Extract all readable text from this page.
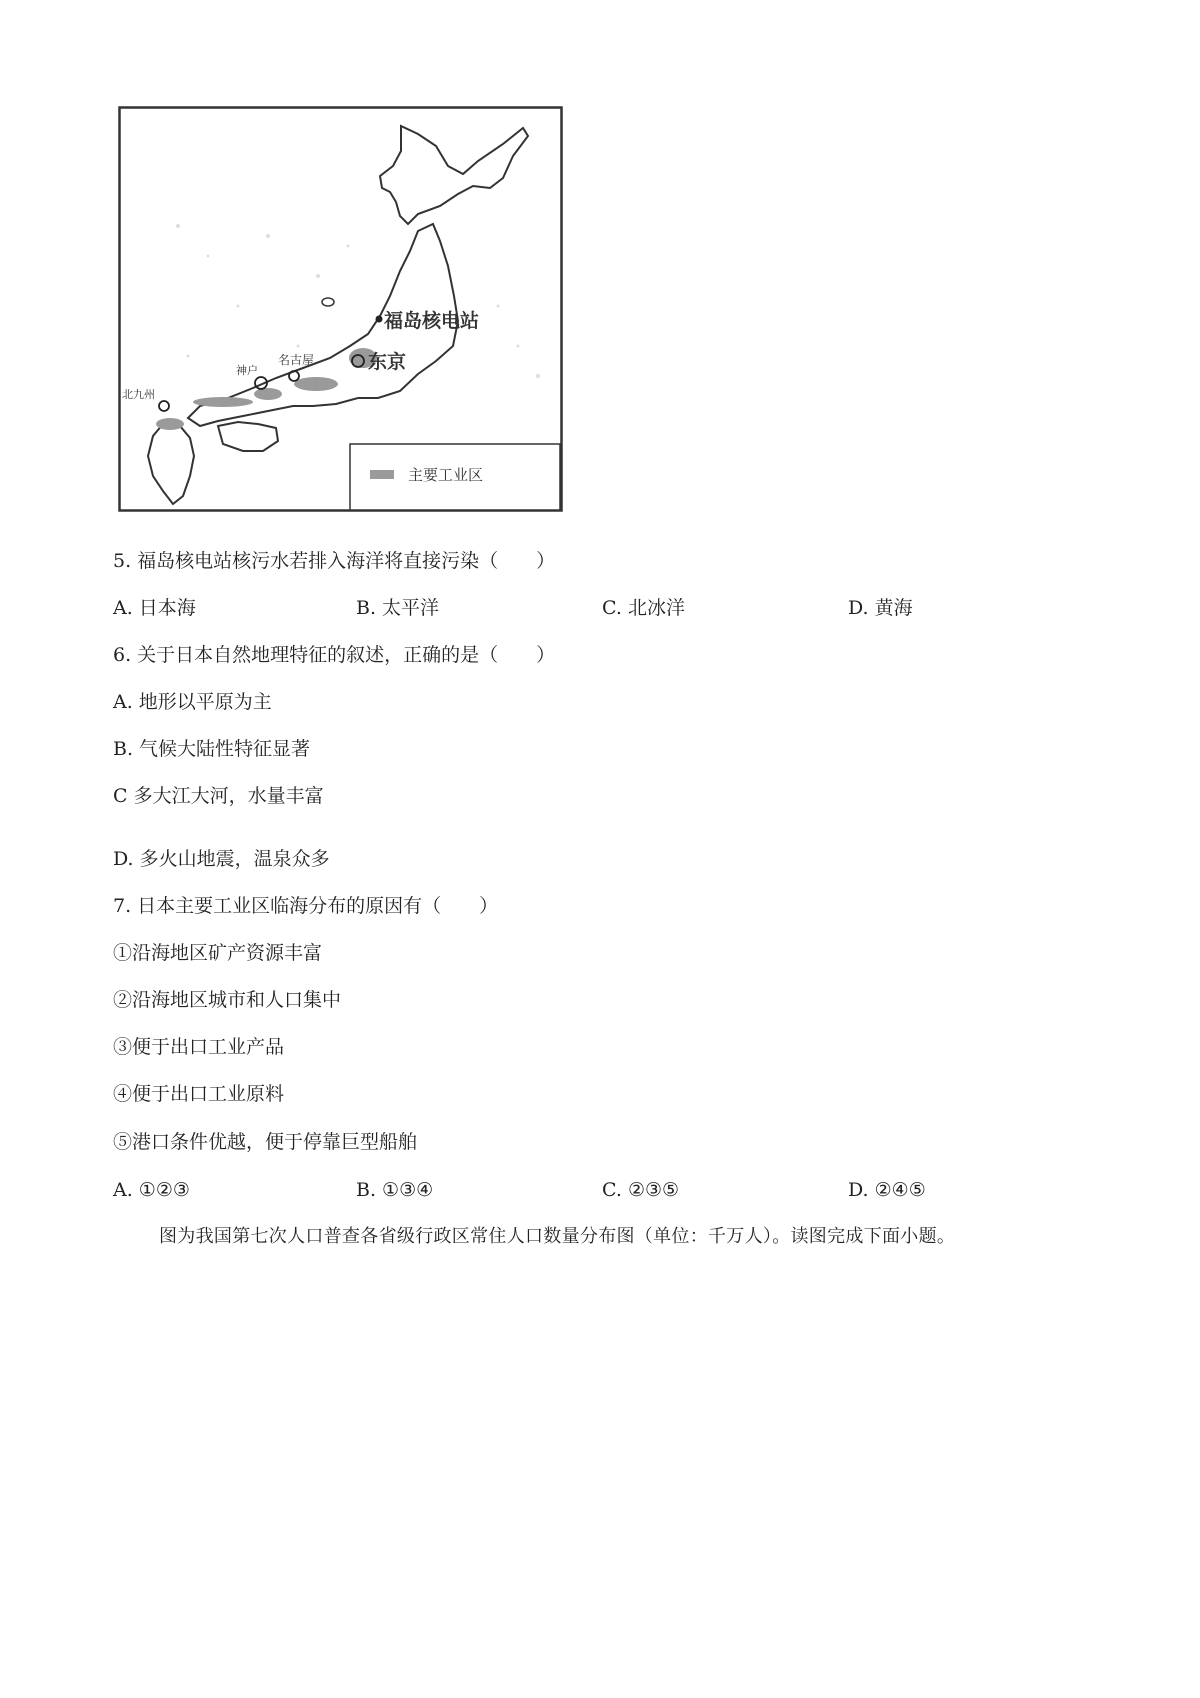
福岛核电站
东京
名古屋
神户
北九州
主要工业区
5. 福岛核电站核污水若排入海洋将直接污染（　　）
A. 日本海	B. 太平洋	C. 北冰洋	D. 黄海
6. 关于日本自然地理特征的叙述，正确的是（　　）
A. 地形以平原为主
B. 气候大陆性特征显著
C 多大江大河，水量丰富
D. 多火山地震，温泉众多
7. 日本主要工业区临海分布的原因有（　　）
①沿海地区矿产资源丰富
②沿海地区城市和人口集中
③便于出口工业产品
④便于出口工业原料
⑤港口条件优越，便于停靠巨型船舶
A. ①②③	B. ①③④	C. ②③⑤	D. ②④⑤
图为我国第七次人口普查各省级行政区常住人口数量分布图（单位：千万人）。读图完成下面小题。
